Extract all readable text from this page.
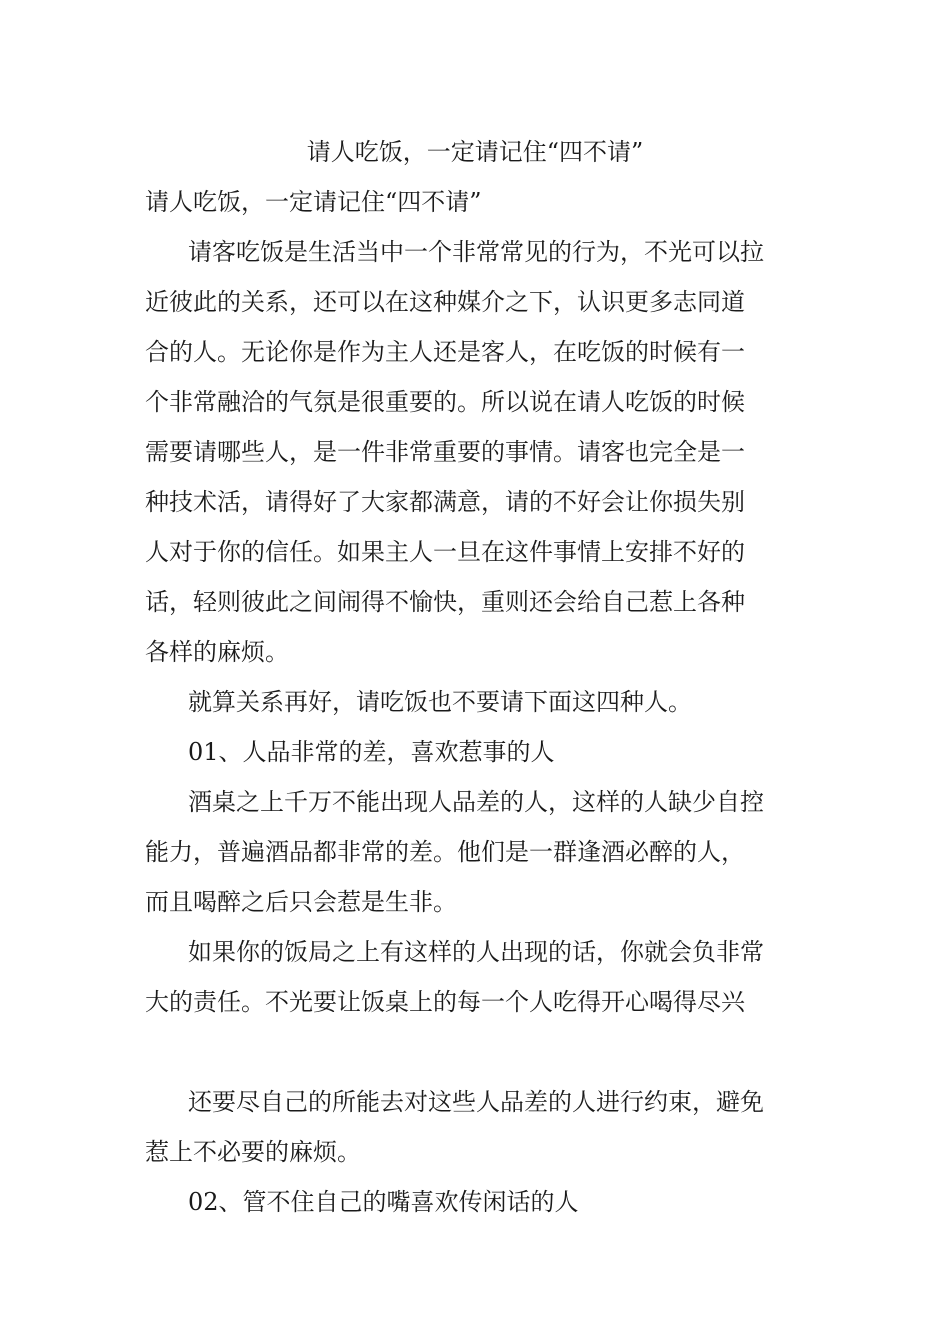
请人吃饭，一定请记住“四不请”

请人吃饭，一定请记住“四不请”

请客吃饭是生活当中一个非常常见的行为，不光可以拉

近彼此的关系，还可以在这种媒介之下，认识更多志同道

合的人。无论你是作为主人还是客人，在吃饭的时候有一

个非常融洽的气氛是很重要的。所以说在请人吃饭的时候

需要请哪些人，是一件非常重要的事情。请客也完全是一

种技术活，请得好了大家都满意，请的不好会让你损失别

人对于你的信任。如果主人一旦在这件事情上安排不好的

话，轻则彼此之间闹得不愉快，重则还会给自己惹上各种

各样的麻烦。

就算关系再好，请吃饭也不要请下面这四种人。

01、人品非常的差，喜欢惹事的人

酒桌之上千万不能出现人品差的人，这样的人缺少自控

能力，普遍酒品都非常的差。他们是一群逢酒必醉的人，

而且喝醉之后只会惹是生非。

如果你的饭局之上有这样的人出现的话，你就会负非常

大的责任。不光要让饭桌上的每一个人吃得开心喝得尽兴

还要尽自己的所能去对这些人品差的人进行约束，避免

惹上不必要的麻烦。

02、管不住自己的嘴喜欢传闲话的人
